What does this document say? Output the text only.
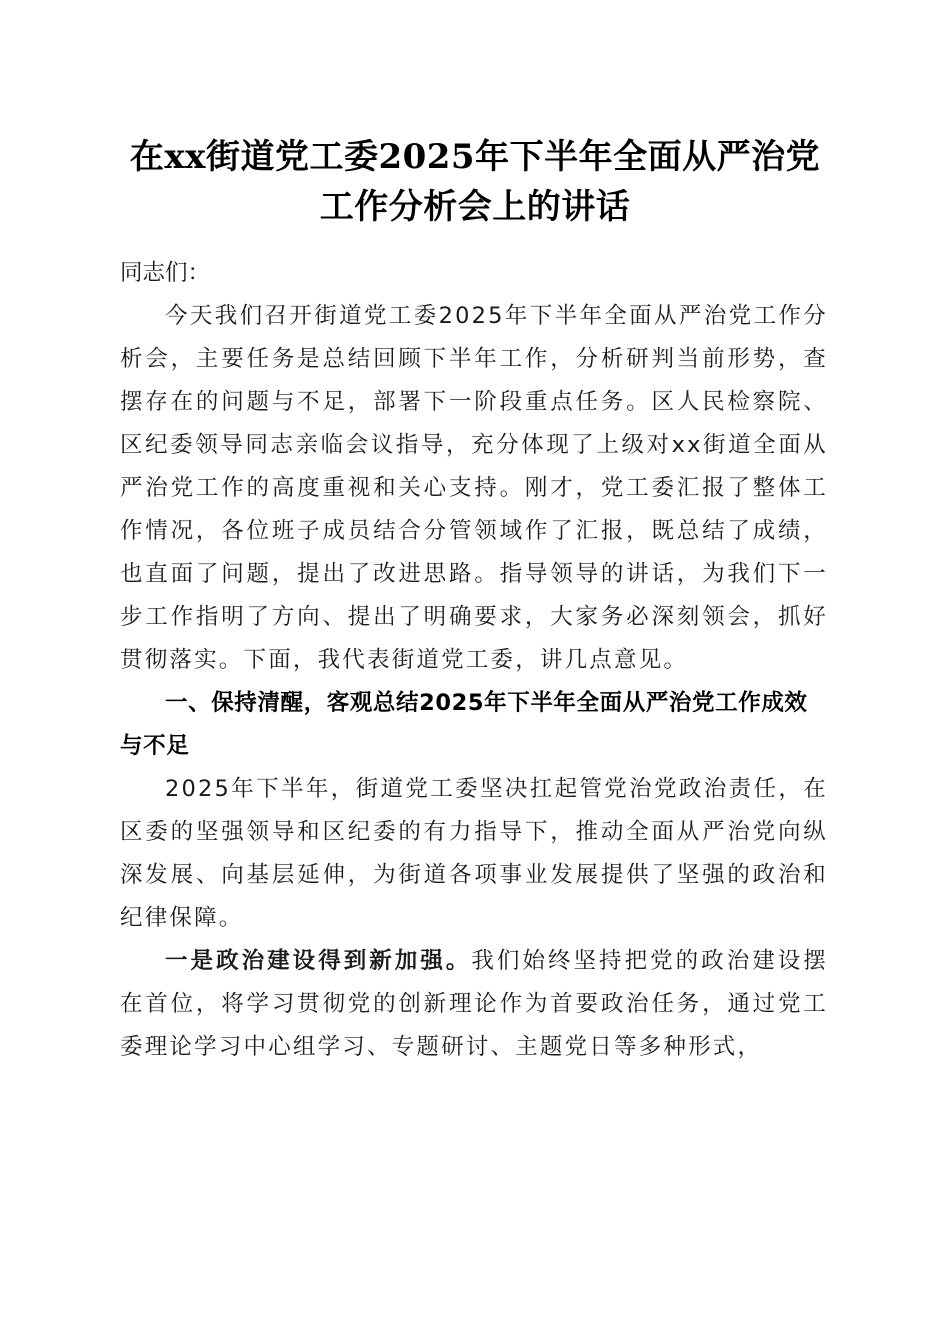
在xx街道党工委2025年下半年全面从严治党
工作分析会上的讲话

同志们：

今天我们召开街道党工委2025年下半年全面从严治党工作分析会，主要任务是总结回顾下半年工作，分析研判当前形势，查摆存在的问题与不足，部署下一阶段重点任务。区人民检察院、区纪委领导同志亲临会议指导，充分体现了上级对xx街道全面从严治党工作的高度重视和关心支持。刚才，党工委汇报了整体工作情况，各位班子成员结合分管领域作了汇报，既总结了成绩，也直面了问题，提出了改进思路。指导领导的讲话，为我们下一步工作指明了方向、提出了明确要求，大家务必深刻领会，抓好贯彻落实。下面，我代表街道党工委，讲几点意见。

一、保持清醒，客观总结2025年下半年全面从严治党工作成效与不足

2025年下半年，街道党工委坚决扛起管党治党政治责任，在区委的坚强领导和区纪委的有力指导下，推动全面从严治党向纵深发展、向基层延伸，为街道各项事业发展提供了坚强的政治和纪律保障。

一是政治建设得到新加强。我们始终坚持把党的政治建设摆在首位，将学习贯彻党的创新理论作为首要政治任务，通过党工委理论学习中心组学习、专题研讨、主题党日等多种形式，
